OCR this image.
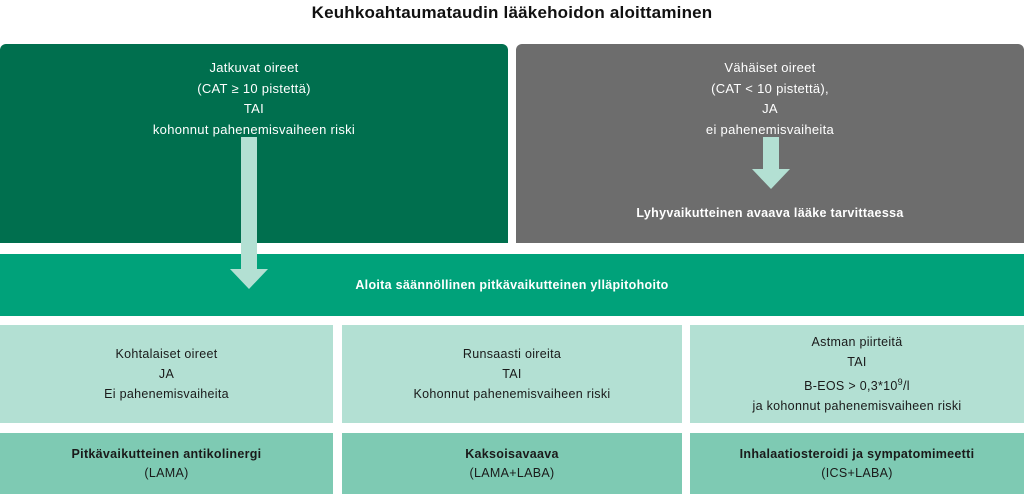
Keuhkoahtaumataudin lääkehoidon aloittaminen
Jatkuvat oireet
(CAT ≥ 10 pistettä)
TAI
kohonnut pahenemisvaiheen riski
Vähäiset oireet
(CAT < 10 pistettä),
JA
ei pahenemisvaiheita
Lyhyvaikutteinen avaava lääke tarvittaessa
Aloita säännöllinen pitkävaikutteinen ylläpitohoito
Kohtalaiset oireet
JA
Ei pahenemisvaiheita
Runsaasti oireita
TAI
Kohonnut pahenemisvaiheen riski
Astman piirteitä
TAI
$B-EOS > 0,3*10^9/l$
ja kohonnut pahenemisvaiheen riski
Pitkävaikutteinen antikolinergi
(LAMA)
Kaksoisavaava
(LAMA+LABA)
Inhalaatiosteroidi ja sympatomimeetti
(ICS+LABA)
